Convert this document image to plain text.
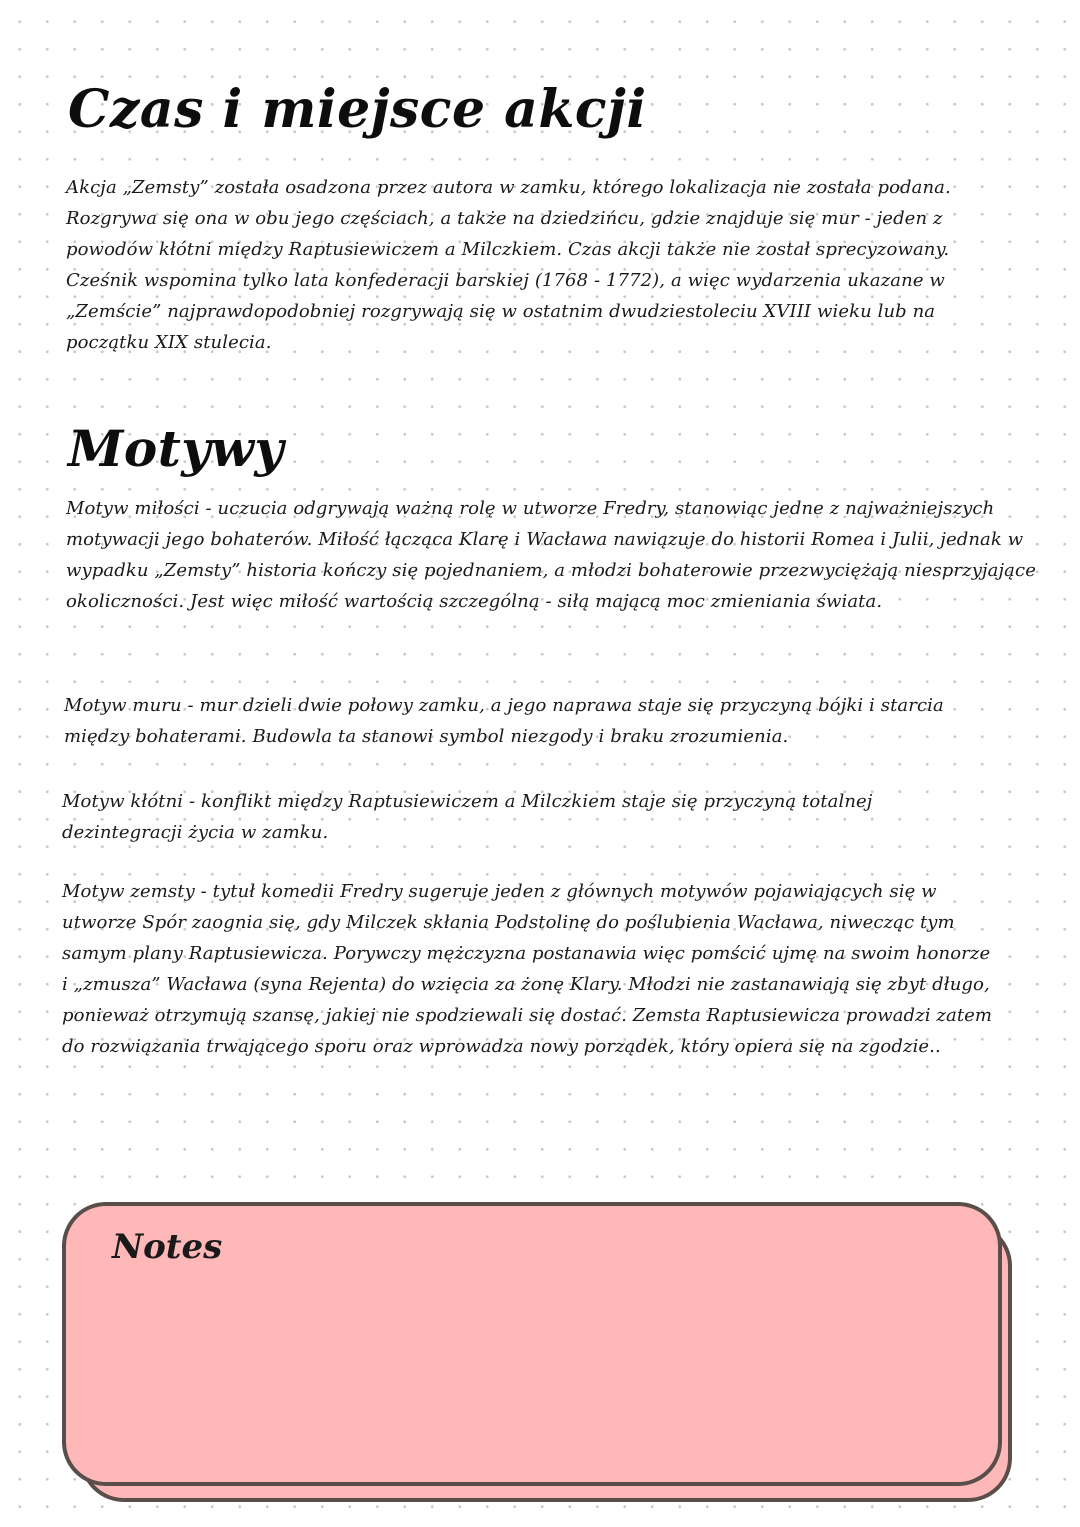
Czas i miejsce akcji

Akcja „Zemsty” została osadzona przez autora w zamku, którego lokalizacja nie została podana. Rozgrywa się ona w obu jego częściach, a także na dziedzińcu, gdzie znajduje się mur - jeden z powodów kłótni między Raptusiewiczem a Milczkiem. Czas akcji także nie został sprecyzowany. Cześnik wspomina tylko lata konfederacji barskiej (1768 - 1772), a więc wydarzenia ukazane w „Zemście” najprawdopodobniej rozgrywają się w ostatnim dwudziestoleciu XVIII wieku lub na początku XIX stulecia.

Motywy

Motyw miłości - uczucia odgrywają ważną rolę w utworze Fredry, stanowiąc jedne z najważniejszych motywacji jego bohaterów. Miłość łącząca Klarę i Wacława nawiązuje do historii Romea i Julii, jednak w wypadku „Zemsty” historia kończy się pojednaniem, a młodzi bohaterowie przezwyciężają niesprzyjające okoliczności. Jest więc miłość wartością szczególną - siłą mającą moc zmieniania świata.

Motyw muru - mur dzieli dwie połowy zamku, a jego naprawa staje się przyczyną bójki i starcia między bohaterami. Budowla ta stanowi symbol niezgody i braku zrozumienia.

Motyw kłótni - konflikt między Raptusiewiczem a Milczkiem staje się przyczyną totalnej dezintegracji życia w zamku.

Motyw zemsty - tytuł komedii Fredry sugeruje jeden z głównych motywów pojawiających się w utworze Spór zaognia się, gdy Milczek skłania Podstolinę do poślubienia Wacława, niwecząc tym samym plany Raptusiewicza. Porywczy mężczyzna postanawia więc pomścić ujmę na swoim honorze i „zmusza” Wacława (syna Rejenta) do wzięcia za żonę Klary. Młodzi nie zastanawiają się zbyt długo, ponieważ otrzymują szansę, jakiej nie spodziewali się dostać. Zemsta Raptusiewicza prowadzi zatem do rozwiązania trwającego sporu oraz wprowadza nowy porządek, który opiera się na zgodzie..

Notes
